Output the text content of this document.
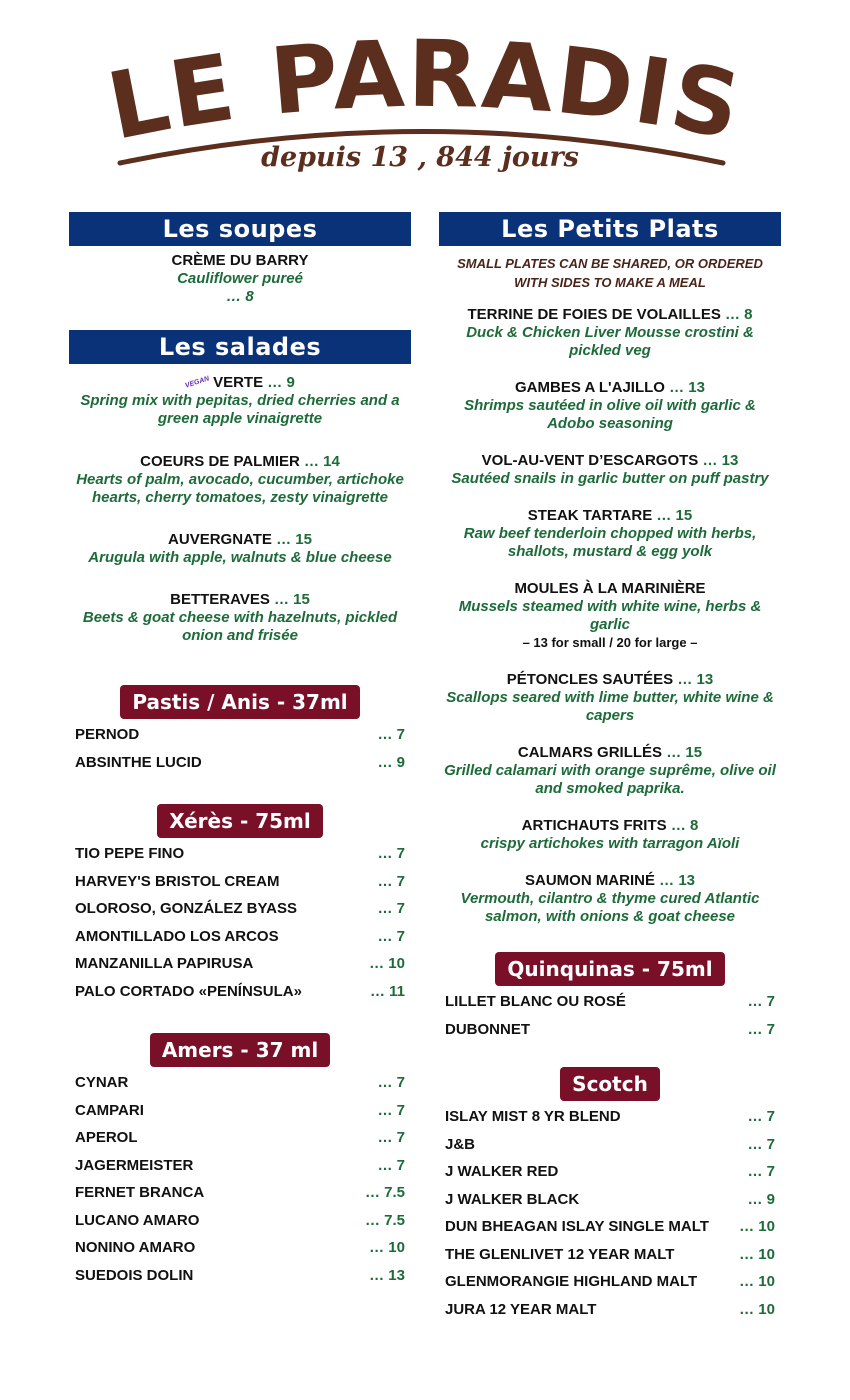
LE PARADIS
depuis 13 , 844 jours
Les soupes
CRÈME DU BARRY
Cauliflower pureé
… 8
Les salades
VEGAN VERTE … 9
Spring mix with pepitas, dried cherries and a green apple vinaigrette
COEURS DE PALMIER … 14
Hearts of palm, avocado, cucumber, artichoke hearts, cherry tomatoes, zesty vinaigrette
AUVERGNATE … 15
Arugula with apple, walnuts & blue cheese
BETTERAVES … 15
Beets & goat cheese with hazelnuts, pickled onion and frisée
Pastis / Anis - 37ml
PERNOD	… 7
ABSINTHE LUCID	… 9
Xérès - 75ml
TIO PEPE FINO	… 7
HARVEY'S BRISTOL CREAM	… 7
OLOROSO, GONZÁLEZ BYASS	… 7
AMONTILLADO LOS ARCOS	… 7
MANZANILLA PAPIRUSA	… 10
PALO CORTADO «PENÍNSULA»	… 11
Amers - 37 ml
CYNAR	… 7
CAMPARI	… 7
APEROL	… 7
JAGERMEISTER	… 7
FERNET BRANCA	… 7.5
LUCANO AMARO	… 7.5
NONINO AMARO	… 10
SUEDOIS DOLIN	… 13
Les Petits Plats
SMALL PLATES CAN BE SHARED, OR ORDERED WITH SIDES TO MAKE A MEAL
TERRINE DE FOIES DE VOLAILLES … 8
Duck & Chicken Liver Mousse crostini & pickled veg
GAMBES A L'AJILLO … 13
Shrimps sautéed in olive oil with garlic & Adobo seasoning
VOL-AU-VENT D’ESCARGOTS … 13
Sautéed snails in garlic butter on puff pastry
STEAK TARTARE … 15
Raw beef tenderloin chopped with herbs, shallots, mustard & egg yolk
MOULES À LA MARINIÈRE
Mussels steamed with white wine, herbs & garlic
– 13 for small / 20 for large –
PÉTONCLES SAUTÉES … 13
Scallops seared with lime butter, white wine & capers
CALMARS GRILLÉS … 15
Grilled calamari with orange suprême, olive oil and smoked paprika.
ARTICHAUTS FRITS … 8
crispy artichokes with tarragon Aïoli
SAUMON MARINÉ … 13
Vermouth, cilantro & thyme cured Atlantic salmon, with onions & goat cheese
Quinquinas - 75ml
LILLET BLANC OU ROSÉ	… 7
DUBONNET	… 7
Scotch
ISLAY MIST 8 YR BLEND	… 7
J&B	… 7
J WALKER RED	… 7
J WALKER BLACK	… 9
DUN BHEAGAN ISLAY SINGLE MALT … 10
THE GLENLIVET 12 YEAR MALT	… 10
GLENMORANGIE HIGHLAND MALT	… 10
JURA 12 YEAR MALT	… 10
